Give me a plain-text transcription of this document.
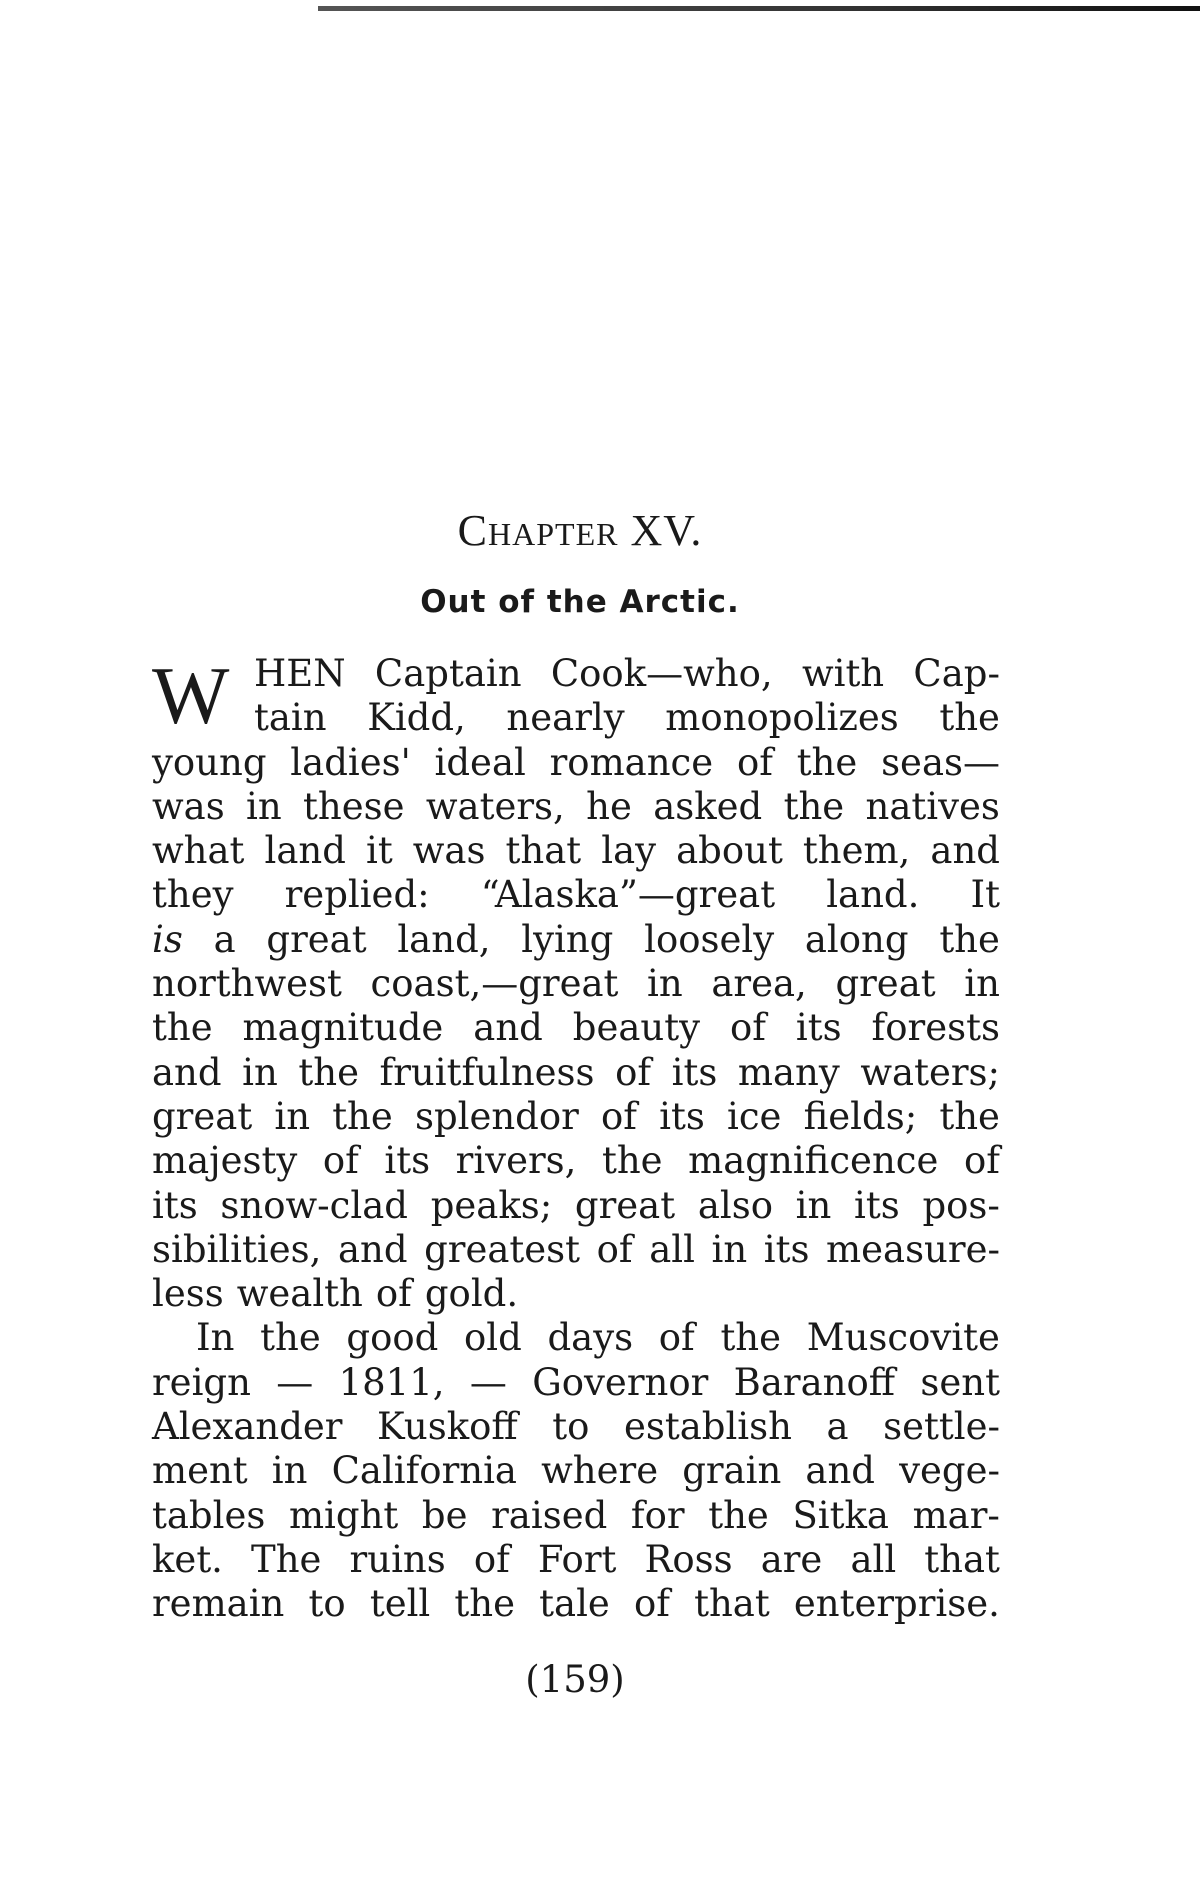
CHAPTER XV.
Out of the Arctic.
W HEN Captain Cook—who, with Cap-
tain Kidd, nearly monopolizes the
young ladies' ideal romance of the seas—
was in these waters, he asked the natives
what land it was that lay about them, and
they replied: “Alaska”—great land. It
is a great land, lying loosely along the
northwest coast,—great in area, great in
the magnitude and beauty of its forests
and in the fruitfulness of its many waters;
great in the splendor of its ice fields; the
majesty of its rivers, the magnificence of
its snow-clad peaks; great also in its pos-
sibilities, and greatest of all in its measure-
less wealth of gold.
In the good old days of the Muscovite
reign — 1811, — Governor Baranoff sent
Alexander Kuskoff to establish a settle-
ment in California where grain and vege-
tables might be raised for the Sitka mar-
ket. The ruins of Fort Ross are all that
remain to tell the tale of that enterprise.

(159)
